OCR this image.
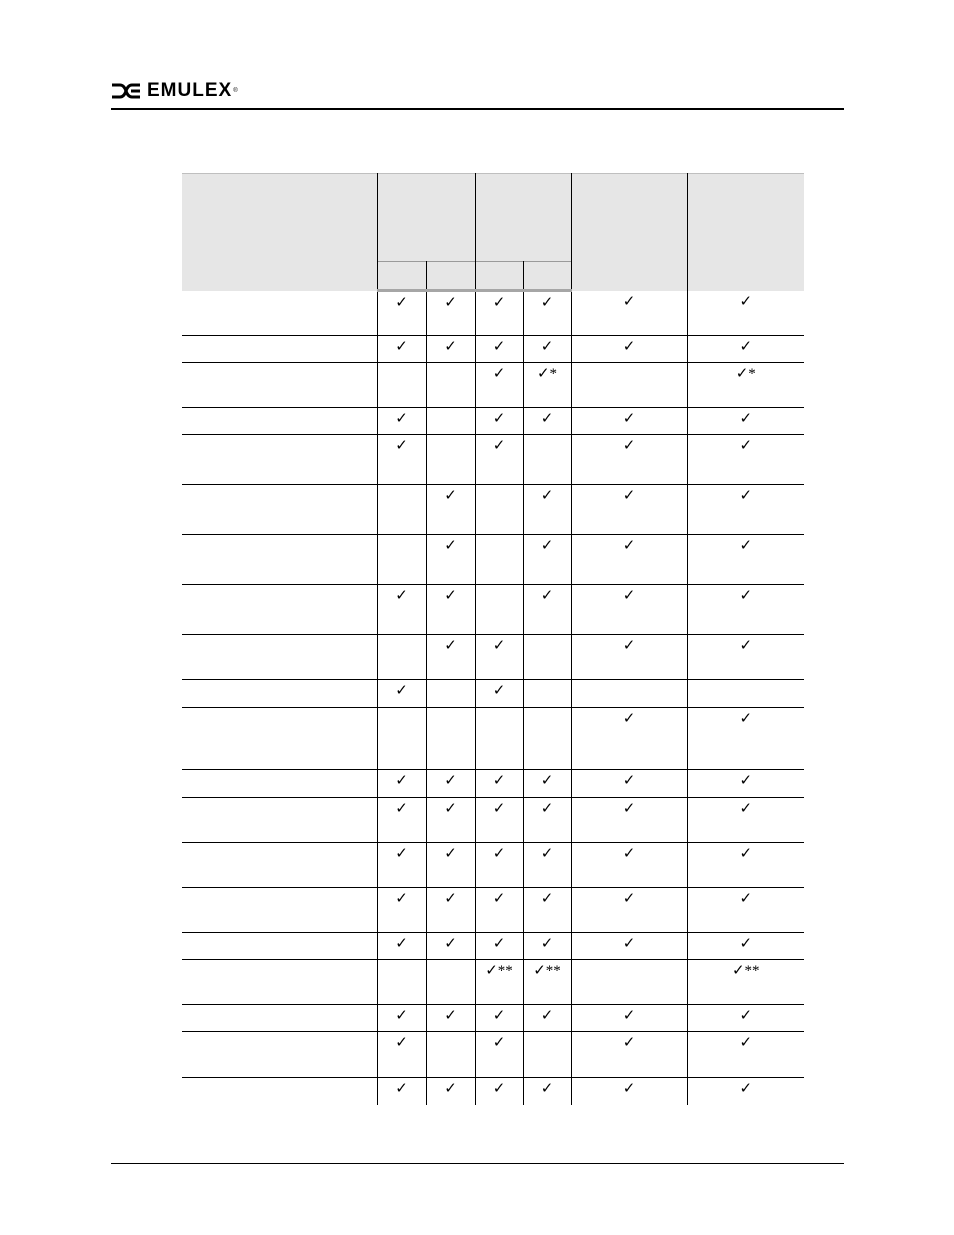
EMULEX ®

	✓	✓	✓	✓	✓	✓
	✓	✓	✓	✓	✓	✓
			✓	✓*		✓*
	✓		✓	✓	✓	✓
	✓		✓		✓	✓
		✓		✓	✓	✓
		✓		✓	✓	✓
	✓	✓		✓	✓	✓
		✓	✓		✓	✓
	✓		✓			
					✓	✓
	✓	✓	✓	✓	✓	✓
	✓	✓	✓	✓	✓	✓
	✓	✓	✓	✓	✓	✓
	✓	✓	✓	✓	✓	✓
	✓	✓	✓	✓	✓	✓
			✓**	✓**		✓**
	✓	✓	✓	✓	✓	✓
	✓		✓		✓	✓
	✓	✓	✓	✓	✓	✓
